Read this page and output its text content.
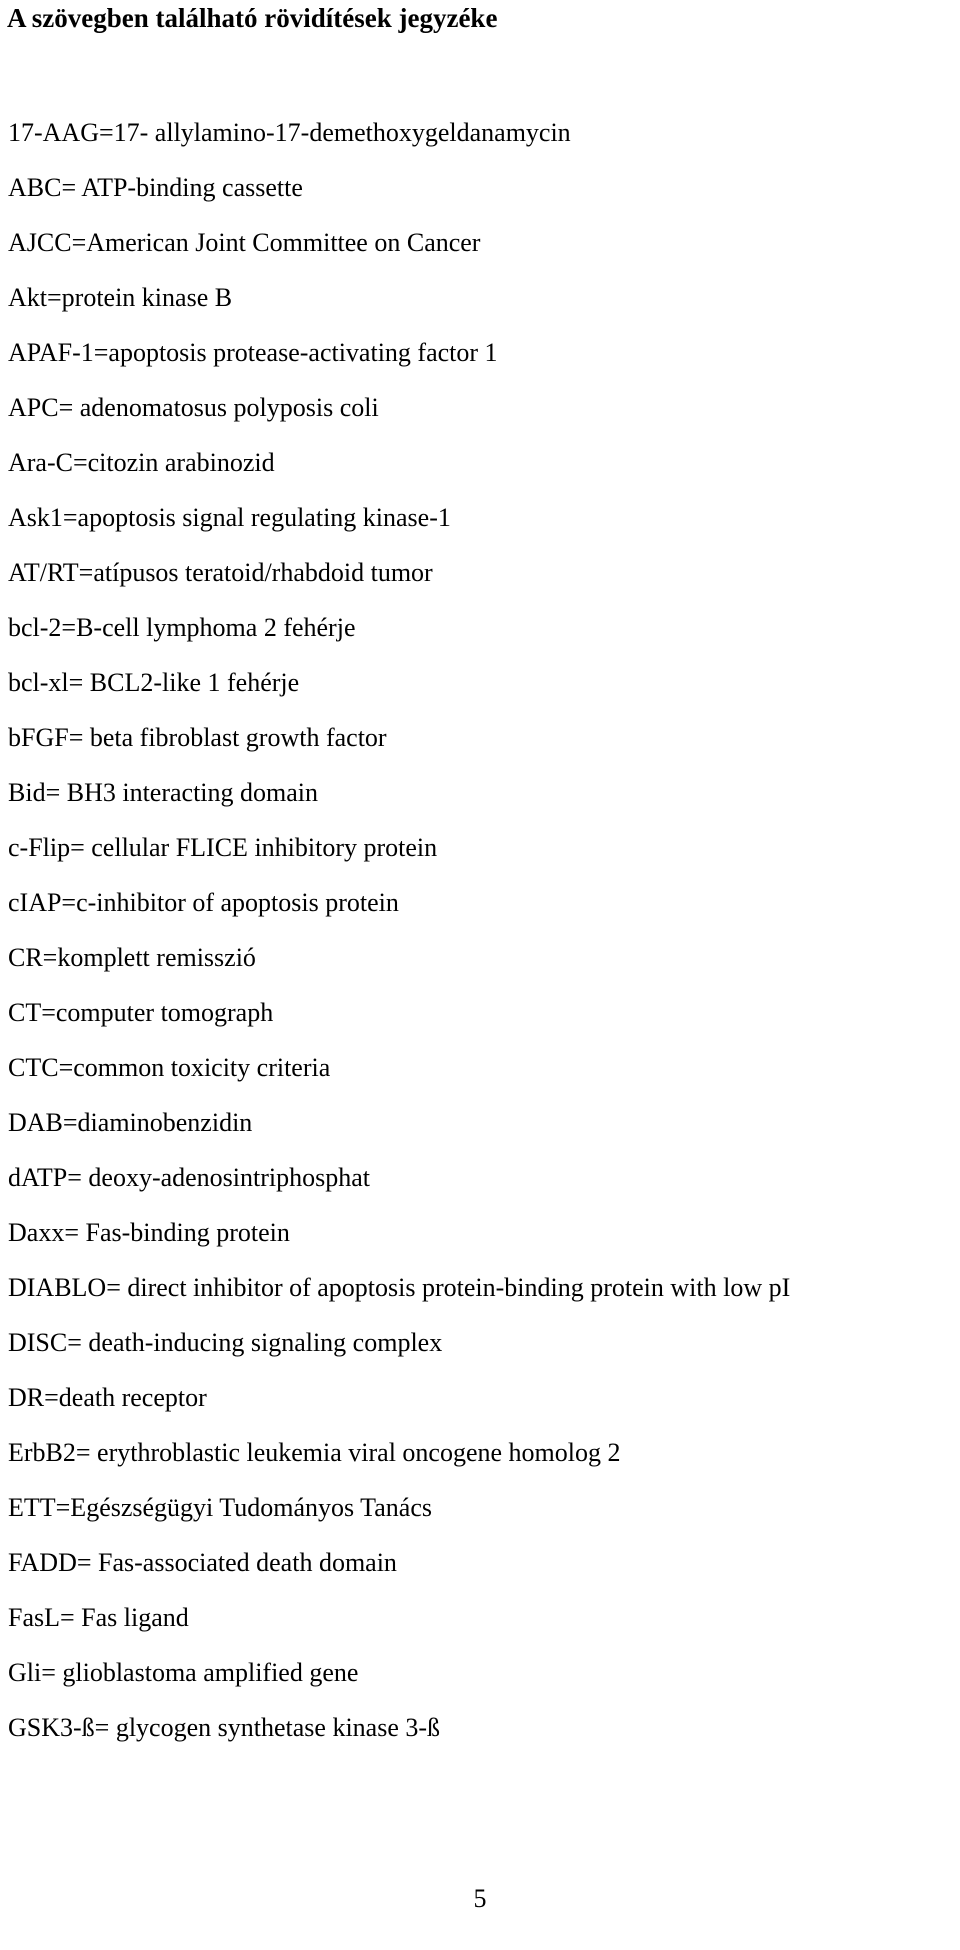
A szövegben található rövidítések jegyzéke
17-AAG=17- allylamino-17-demethoxygeldanamycin
ABC= ATP-binding cassette
AJCC=American Joint Committee on Cancer
Akt=protein kinase B
APAF-1=apoptosis protease-activating factor 1
APC= adenomatosus polyposis coli
Ara-C=citozin arabinozid
Ask1=apoptosis signal regulating kinase-1
AT/RT=atípusos teratoid/rhabdoid tumor
bcl-2=B-cell lymphoma 2 fehérje
bcl-xl= BCL2-like 1 fehérje
bFGF= beta fibroblast growth factor
Bid= BH3 interacting domain
c-Flip= cellular FLICE inhibitory protein
cIAP=c-inhibitor of apoptosis protein
CR=komplett remisszió
CT=computer tomograph
CTC=common toxicity criteria
DAB=diaminobenzidin
dATP= deoxy-adenosintriphosphat
Daxx= Fas-binding protein
DIABLO= direct inhibitor of apoptosis protein-binding protein with low pI
DISC= death-inducing signaling complex
DR=death receptor
ErbB2= erythroblastic leukemia viral oncogene homolog 2
ETT=Egészségügyi Tudományos Tanács
FADD= Fas-associated death domain
FasL= Fas ligand
Gli= glioblastoma amplified gene
GSK3-ß= glycogen synthetase kinase 3-ß
5
